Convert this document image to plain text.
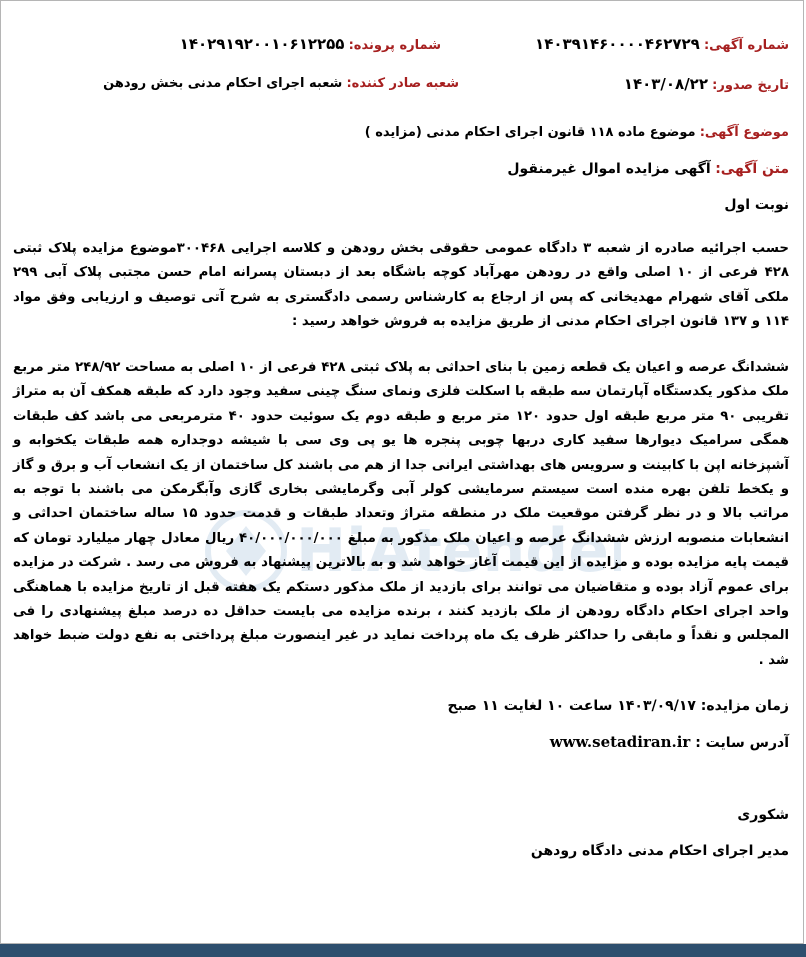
HiAtender
شماره آگهی: ۱۴۰۳۹۱۴۶۰۰۰۰۴۶۲۷۲۹
شماره پرونده: ۱۴۰۲۹۱۹۲۰۰۱۰۶۱۲۲۵۵
تاریخ صدور: ۱۴۰۳/۰۸/۲۲
شعبه صادر کننده: شعبه اجرای احکام مدنی بخش رودهن
موضوع آگهی: موضوع ماده ۱۱۸ قانون اجرای احکام مدنی (مزایده )
متن آگهی: آگهی مزایده اموال غیرمنقول
نوبت اول
حسب اجرائیه صادره از شعبه ۳ دادگاه عمومی حقوقی بخش رودهن و کلاسه اجرایی ۳۰۰۴۶۸موضوع مزایده پلاک ثبتی ۴۲۸ فرعی از ۱۰ اصلی واقع در رودهن مهرآباد کوچه باشگاه بعد از دبستان پسرانه امام حسن مجتبی پلاک آبی ۲۹۹ ملکی آقای شهرام مهدیخانی که پس از ارجاع به کارشناس رسمی دادگستری به شرح آتی توصیف و ارزیابی وفق مواد ۱۱۴ و ۱۳۷ قانون اجرای احکام مدنی از طریق مزایده به فروش خواهد رسید :
ششدانگ عرصه و اعیان یک قطعه زمین با بنای احداثی به پلاک ثبتی ۴۲۸ فرعی از ۱۰ اصلی به مساحت ۲۴۸/۹۲ متر مربع ملک مذکور یکدستگاه آپارتمان سه طبقه با اسکلت فلزی ونمای سنگ چینی سفید وجود دارد که طبقه همکف آن به متراژ تقریبی ۹۰ متر مربع طبقه اول حدود ۱۲۰ متر مربع و طبقه دوم یک سوئیت حدود ۴۰ مترمربعی می باشد کف طبقات همگی سرامیک دیوارها سفید کاری دربها چوبی پنجره ها یو پی وی سی با شیشه دوجداره همه طبقات یکخوابه و آشپزخانه اپن با کابینت و سرویس های بهداشتی ایرانی جدا از هم می باشند کل ساختمان از یک انشعاب آب و برق و گاز و یکخط تلفن بهره منده است سیستم سرمایشی کولر آبی وگرمایشی بخاری گازی وآبگرمکن می باشند با توجه به مراتب بالا و در نظر گرفتن موقعیت ملک در منطقه متراژ وتعداد طبقات و قدمت حدود ۱۵ ساله ساختمان احداثی و انشعابات منصوبه ارزش ششدانگ عرصه و اعیان ملک مذکور به مبلغ ۴۰/۰۰۰/۰۰۰/۰۰۰ ریال معادل چهار میلیارد تومان که قیمت پایه مزایده بوده و مزایده از این قیمت آغاز خواهد شد و به بالاترین پیشنهاد به فروش می رسد . شرکت در مزایده برای عموم آزاد بوده و متقاضیان می توانند برای بازدید از ملک مذکور دستکم یک هفته قبل از تاریخ مزایده با هماهنگی واحد اجرای احکام دادگاه رودهن از ملک بازدید کنند ، برنده مزایده می بایست حداقل ده درصد مبلغ پیشنهادی را فی المجلس و نقداً و مابقی را حداکثر ظرف یک ماه پرداخت نماید در غیر اینصورت مبلغ پرداختی به نفع دولت ضبط خواهد شد .
زمان مزایده: ۱۴۰۳/۰۹/۱۷ ساعت ۱۰ لغایت ۱۱ صبح
آدرس سایت : www.setadiran.ir
شکوری
مدیر اجرای احکام مدنی دادگاه رودهن
